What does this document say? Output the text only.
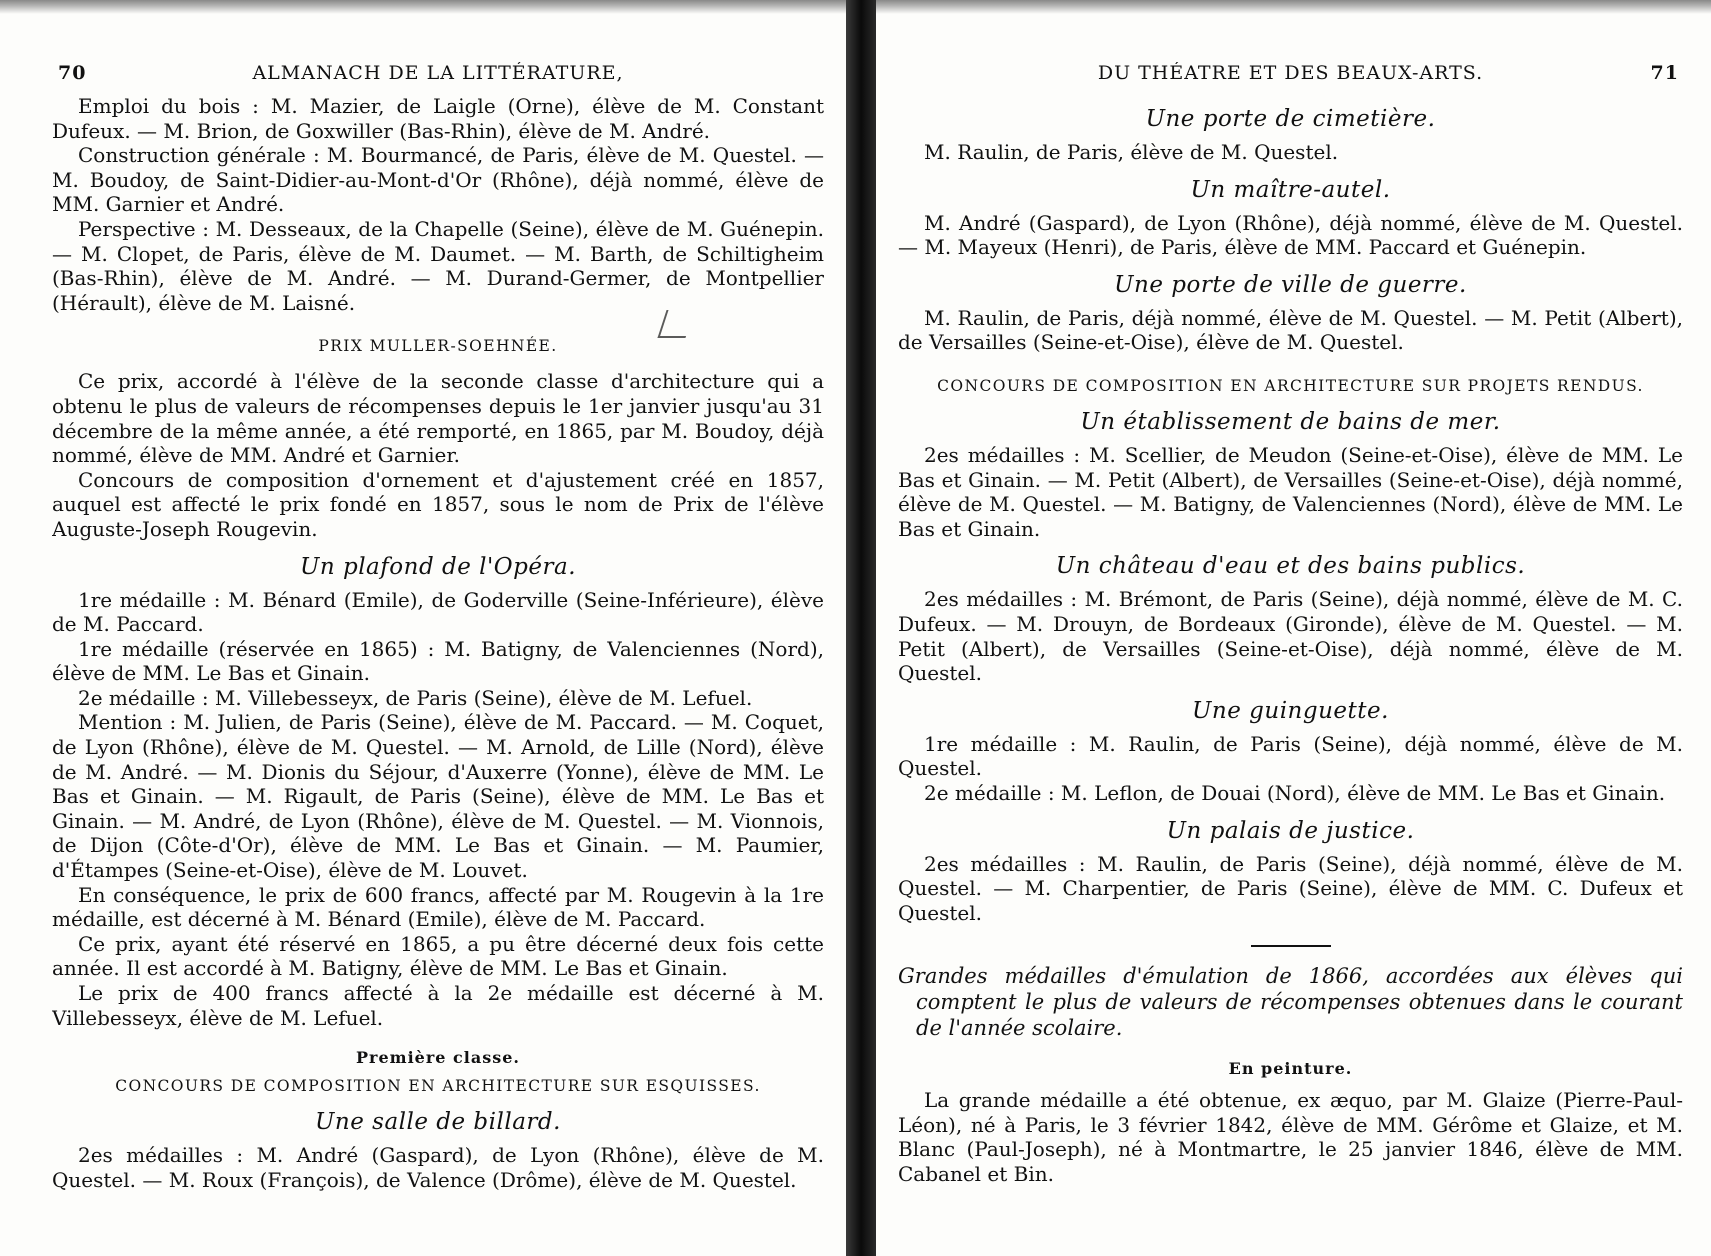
70	ALMANACH DE LA LITTÉRATURE,

Emploi du bois : M. Mazier, de Laigle (Orne), élève de M. Constant Dufeux. — M. Brion, de Goxwiller (Bas-Rhin), élève de M. André.

Construction générale : M. Bourmancé, de Paris, élève de M. Questel. — M. Boudoy, de Saint-Didier-au-Mont-d'Or (Rhône), déjà nommé, élève de MM. Garnier et André.

Perspective : M. Desseaux, de la Chapelle (Seine), élève de M. Guénepin. — M. Clopet, de Paris, élève de M. Daumet. — M. Barth, de Schiltigheim (Bas-Rhin), élève de M. André. — M. Durand-Germer, de Montpellier (Hérault), élève de M. Laisné.

PRIX MULLER-SOEHNÉE.

Ce prix, accordé à l'élève de la seconde classe d'architecture qui a obtenu le plus de valeurs de récompenses depuis le 1er janvier jusqu'au 31 décembre de la même année, a été remporté, en 1865, par M. Boudoy, déjà nommé, élève de MM. André et Garnier.

Concours de composition d'ornement et d'ajustement créé en 1857, auquel est affecté le prix fondé en 1857, sous le nom de Prix de l'élève Auguste-Joseph Rougevin.

Un plafond de l'Opéra.

1re médaille : M. Bénard (Emile), de Goderville (Seine-Inférieure), élève de M. Paccard.

1re médaille (réservée en 1865) : M. Batigny, de Valenciennes (Nord), élève de MM. Le Bas et Ginain.

2e médaille : M. Villebesseyx, de Paris (Seine), élève de M. Lefuel.

Mention : M. Julien, de Paris (Seine), élève de M. Paccard. — M. Coquet, de Lyon (Rhône), élève de M. Questel. — M. Arnold, de Lille (Nord), élève de M. André. — M. Dionis du Séjour, d'Auxerre (Yonne), élève de MM. Le Bas et Ginain. — M. Rigault, de Paris (Seine), élève de MM. Le Bas et Ginain. — M. André, de Lyon (Rhône), élève de M. Questel. — M. Vionnois, de Dijon (Côte-d'Or), élève de MM. Le Bas et Ginain. — M. Paumier, d'Étampes (Seine-et-Oise), élève de M. Louvet.

En conséquence, le prix de 600 francs, affecté par M. Rougevin à la 1re médaille, est décerné à M. Bénard (Emile), élève de M. Paccard.

Ce prix, ayant été réservé en 1865, a pu être décerné deux fois cette année. Il est accordé à M. Batigny, élève de MM. Le Bas et Ginain.

Le prix de 400 francs affecté à la 2e médaille est décerné à M. Villebesseyx, élève de M. Lefuel.

Première classe.
CONCOURS DE COMPOSITION EN ARCHITECTURE SUR ESQUISSES.
Une salle de billard.

2es médailles : M. André (Gaspard), de Lyon (Rhône), élève de M. Questel. — M. Roux (François), de Valence (Drôme), élève de M. Questel.

DU THÉATRE ET DES BEAUX-ARTS.	71
Une porte de cimetière.

M. Raulin, de Paris, élève de M. Questel.

Un maître-autel.

M. André (Gaspard), de Lyon (Rhône), déjà nommé, élève de M. Questel. — M. Mayeux (Henri), de Paris, élève de MM. Paccard et Guénepin.

Une porte de ville de guerre.

M. Raulin, de Paris, déjà nommé, élève de M. Questel. — M. Petit (Albert), de Versailles (Seine-et-Oise), élève de M. Questel.

CONCOURS DE COMPOSITION EN ARCHITECTURE SUR PROJETS RENDUS.
Un établissement de bains de mer.

2es médailles : M. Scellier, de Meudon (Seine-et-Oise), élève de MM. Le Bas et Ginain. — M. Petit (Albert), de Versailles (Seine-et-Oise), déjà nommé, élève de M. Questel. — M. Batigny, de Valenciennes (Nord), élève de MM. Le Bas et Ginain.

Un château d'eau et des bains publics.

2es médailles : M. Brémont, de Paris (Seine), déjà nommé, élève de M. C. Dufeux. — M. Drouyn, de Bordeaux (Gironde), élève de M. Questel. — M. Petit (Albert), de Versailles (Seine-et-Oise), déjà nommé, élève de M. Questel.

Une guinguette.

1re médaille : M. Raulin, de Paris (Seine), déjà nommé, élève de M. Questel.

2e médaille : M. Leflon, de Douai (Nord), élève de MM. Le Bas et Ginain.

Un palais de justice.

2es médailles : M. Raulin, de Paris (Seine), déjà nommé, élève de M. Questel. — M. Charpentier, de Paris (Seine), élève de MM. C. Dufeux et Questel.

Grandes médailles d'émulation de 1866, accordées aux élèves qui comptent le plus de valeurs de récompenses obtenues dans le courant de l'année scolaire.

En peinture.

La grande médaille a été obtenue, ex æquo, par M. Glaize (Pierre-Paul-Léon), né à Paris, le 3 février 1842, élève de MM. Gérôme et Glaize, et M. Blanc (Paul-Joseph), né à Montmartre, le 25 janvier 1846, élève de MM. Cabanel et Bin.
